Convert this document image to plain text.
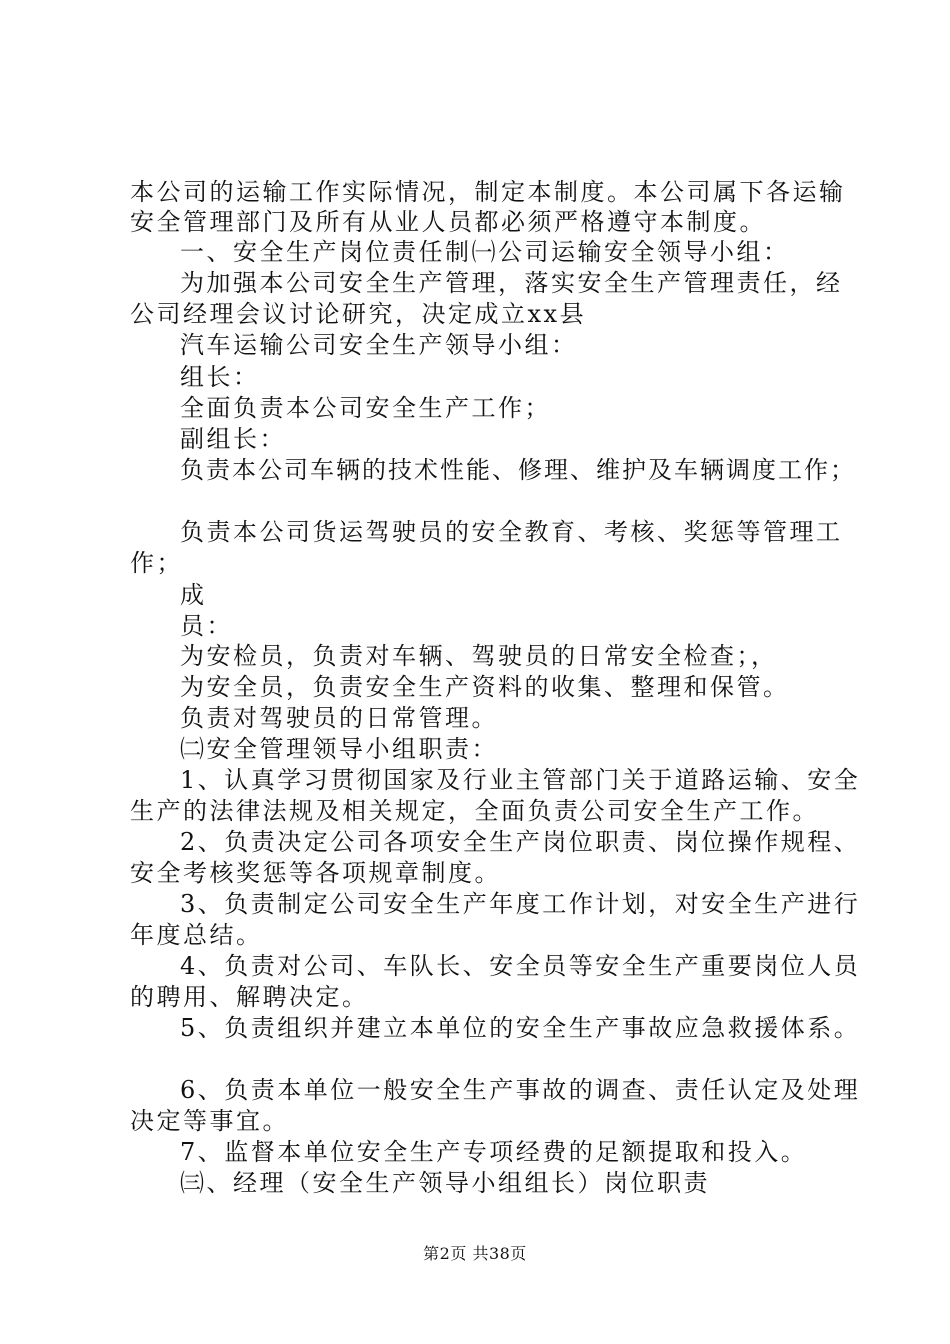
本公司的运输工作实际情况，制定本制度。本公司属下各运输
安全管理部门及所有从业人员都必须严格遵守本制度。
一、安全生产岗位责任制㈠公司运输安全领导小组：
为加强本公司安全生产管理，落实安全生产管理责任，经
公司经理会议讨论研究，决定成立xx县
汽车运输公司安全生产领导小组：
组长：
全面负责本公司安全生产工作；
副组长：
负责本公司车辆的技术性能、修理、维护及车辆调度工作；
负责本公司货运驾驶员的安全教育、考核、奖惩等管理工
作；
成
员：
为安检员，负责对车辆、驾驶员的日常安全检查；，
为安全员，负责安全生产资料的收集、整理和保管。
负责对驾驶员的日常管理。
㈡安全管理领导小组职责：
1、认真学习贯彻国家及行业主管部门关于道路运输、安全
生产的法律法规及相关规定，全面负责公司安全生产工作。
2、负责决定公司各项安全生产岗位职责、岗位操作规程、
安全考核奖惩等各项规章制度。
3、负责制定公司安全生产年度工作计划，对安全生产进行
年度总结。
4、负责对公司、车队长、安全员等安全生产重要岗位人员
的聘用、解聘决定。
5、负责组织并建立本单位的安全生产事故应急救援体系。
6、负责本单位一般安全生产事故的调查、责任认定及处理
决定等事宜。
7、监督本单位安全生产专项经费的足额提取和投入。
㈢、经理（安全生产领导小组组长）岗位职责
第2页 共38页
